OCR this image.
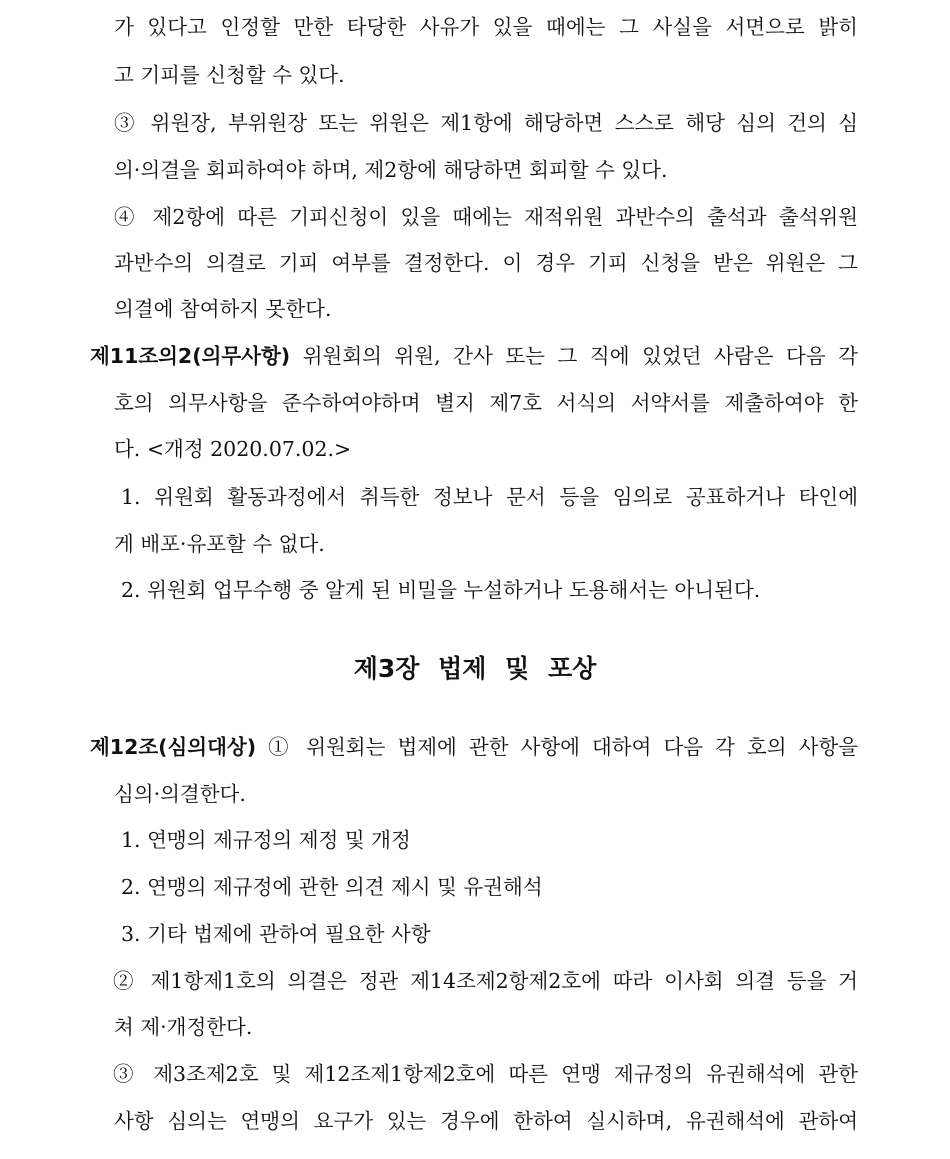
가 있다고 인정할 만한 타당한 사유가 있을 때에는 그 사실을 서면으로 밝히
고 기피를 신청할 수 있다.
③ 위원장, 부위원장 또는 위원은 제1항에 해당하면 스스로 해당 심의 건의 심
의·의결을 회피하여야 하며, 제2항에 해당하면 회피할 수 있다.
④ 제2항에 따른 기피신청이 있을 때에는 재적위원 과반수의 출석과 출석위원
과반수의 의결로 기피 여부를 결정한다. 이 경우 기피 신청을 받은 위원은 그
의결에 참여하지 못한다.
제11조의2(의무사항) 위원회의 위원, 간사 또는 그 직에 있었던 사람은 다음 각
호의 의무사항을 준수하여야하며 별지 제7호 서식의 서약서를 제출하여야 한
다. <개정 2020.07.02.>
1. 위원회 활동과정에서 취득한 정보나 문서 등을 임의로 공표하거나 타인에
게 배포·유포할 수 없다.
2. 위원회 업무수행 중 알게 된 비밀을 누설하거나 도용해서는 아니된다.
제3장 법제 및 포상
제12조(심의대상) ① 위원회는 법제에 관한 사항에 대하여 다음 각 호의 사항을
심의·의결한다.
1. 연맹의 제규정의 제정 및 개정
2. 연맹의 제규정에 관한 의견 제시 및 유권해석
3. 기타 법제에 관하여 필요한 사항
② 제1항제1호의 의결은 정관 제14조제2항제2호에 따라 이사회 의결 등을 거
쳐 제·개정한다.
③ 제3조제2호 및 제12조제1항제2호에 따른 연맹 제규정의 유권해석에 관한
사항 심의는 연맹의 요구가 있는 경우에 한하여 실시하며, 유권해석에 관하여
